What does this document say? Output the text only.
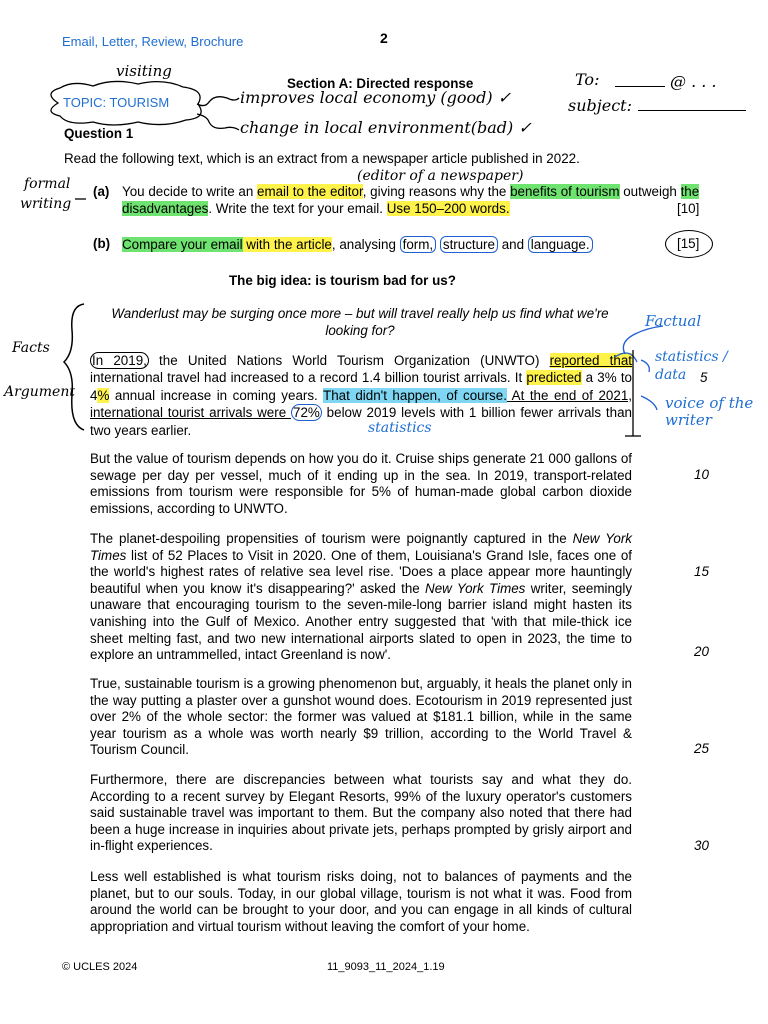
Email, Letter, Review, Brochure	2
visiting
TOPIC: TOURISM	improves local economy (good) ✓
change in local environment(bad) ✓
To:	@ . . .
subject:
Section A: Directed response
Question 1
Read the following text, which is an extract from a newspaper article published in 2022.
formal
writing
(editor of a newspaper)
(a) You decide to write an email to the editor, giving reasons why the benefits of tourism outweigh the disadvantages. Write the text for your email. Use 150–200 words.	[10]
(b) Compare your email with the article, analysing form, structure and language.	[15]
The big idea: is tourism bad for us?
Facts
Argument
Wanderlust may be surging once more – but will travel really help us find what we're looking for?

In 2019, the United Nations World Tourism Organization (UNWTO) reported that international travel had increased to a record 1.4 billion tourist arrivals. It predicted a 3% to 4% annual increase in coming years. That didn't happen, of course. At the end of 2021, international tourist arrivals were 72% below 2019 levels with 1 billion fewer arrivals than two years earlier.	statistics
Factual
statistics / data
voice of the writer
5

But the value of tourism depends on how you do it. Cruise ships generate 21 000 gallons of sewage per day per vessel, much of it ending up in the sea. In 2019, transport-related emissions from tourism were responsible for 5% of human-made global carbon dioxide emissions, according to UNWTO.

10

The planet-despoiling propensities of tourism were poignantly captured in the New York Times list of 52 Places to Visit in 2020. One of them, Louisiana's Grand Isle, faces one of the world's highest rates of relative sea level rise. 'Does a place appear more hauntingly beautiful when you know it's disappearing?' asked the New York Times writer, seemingly unaware that encouraging tourism to the seven-mile-long barrier island might hasten its vanishing into the Gulf of Mexico. Another entry suggested that 'with that mile-thick ice sheet melting fast, and two new international airports slated to open in 2023, the time to explore an untrammelled, intact Greenland is now'.

15
20

True, sustainable tourism is a growing phenomenon but, arguably, it heals the planet only in the way putting a plaster over a gunshot wound does. Ecotourism in 2019 represented just over 2% of the whole sector: the former was valued at $181.1 billion, while in the same year tourism as a whole was worth nearly $9 trillion, according to the World Travel & Tourism Council.	25

Furthermore, there are discrepancies between what tourists say and what they do. According to a recent survey by Elegant Resorts, 99% of the luxury operator's customers said sustainable travel was important to them. But the company also noted that there had been a huge increase in inquiries about private jets, perhaps prompted by grisly airport and in-flight experiences.	30

Less well established is what tourism risks doing, not to balances of payments and the planet, but to our souls. Today, in our global village, tourism is not what it was. Food from around the world can be brought to your door, and you can engage in all kinds of cultural appropriation and virtual tourism without leaving the comfort of your home.

© UCLES 2024	11_9093_11_2024_1.19
